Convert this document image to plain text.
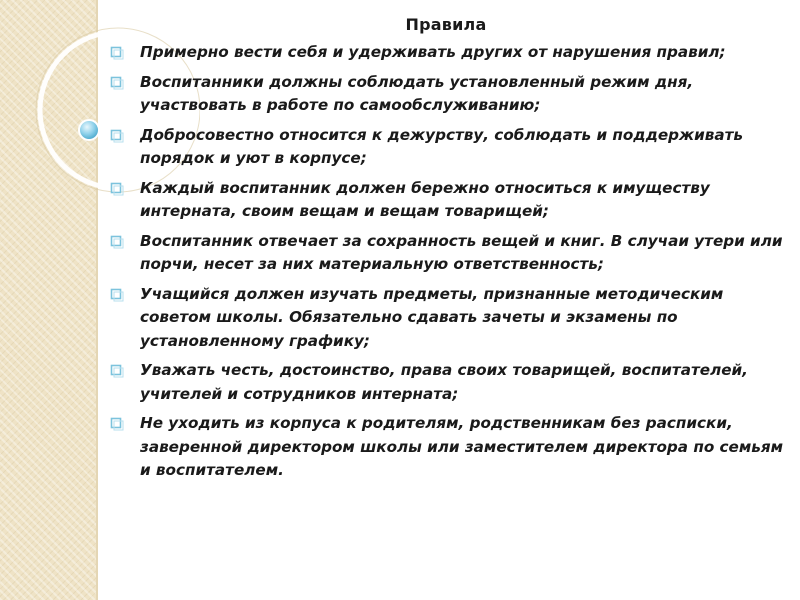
Правила
Примерно вести себя и удерживать других от нарушения правил;
Воспитанники должны соблюдать установленный режим дня, участвовать в работе по самообслуживанию;
Добросовестно относится к дежурству, соблюдать и поддерживать порядок и уют в корпусе;
Каждый воспитанник должен бережно относиться к имуществу интерната, своим вещам и вещам товарищей;
Воспитанник отвечает за сохранность вещей и книг. В случаи утери или порчи, несет за них материальную ответственность;
Учащийся должен изучать предметы, признанные методическим советом школы. Обязательно сдавать зачеты и экзамены по установленному графику;
Уважать честь, достоинство, права своих товарищей, воспитателей, учителей и сотрудников интерната;
Не уходить из корпуса к родителям, родственникам без расписки, заверенной директором школы или заместителем директора по семьям и воспитателем.
